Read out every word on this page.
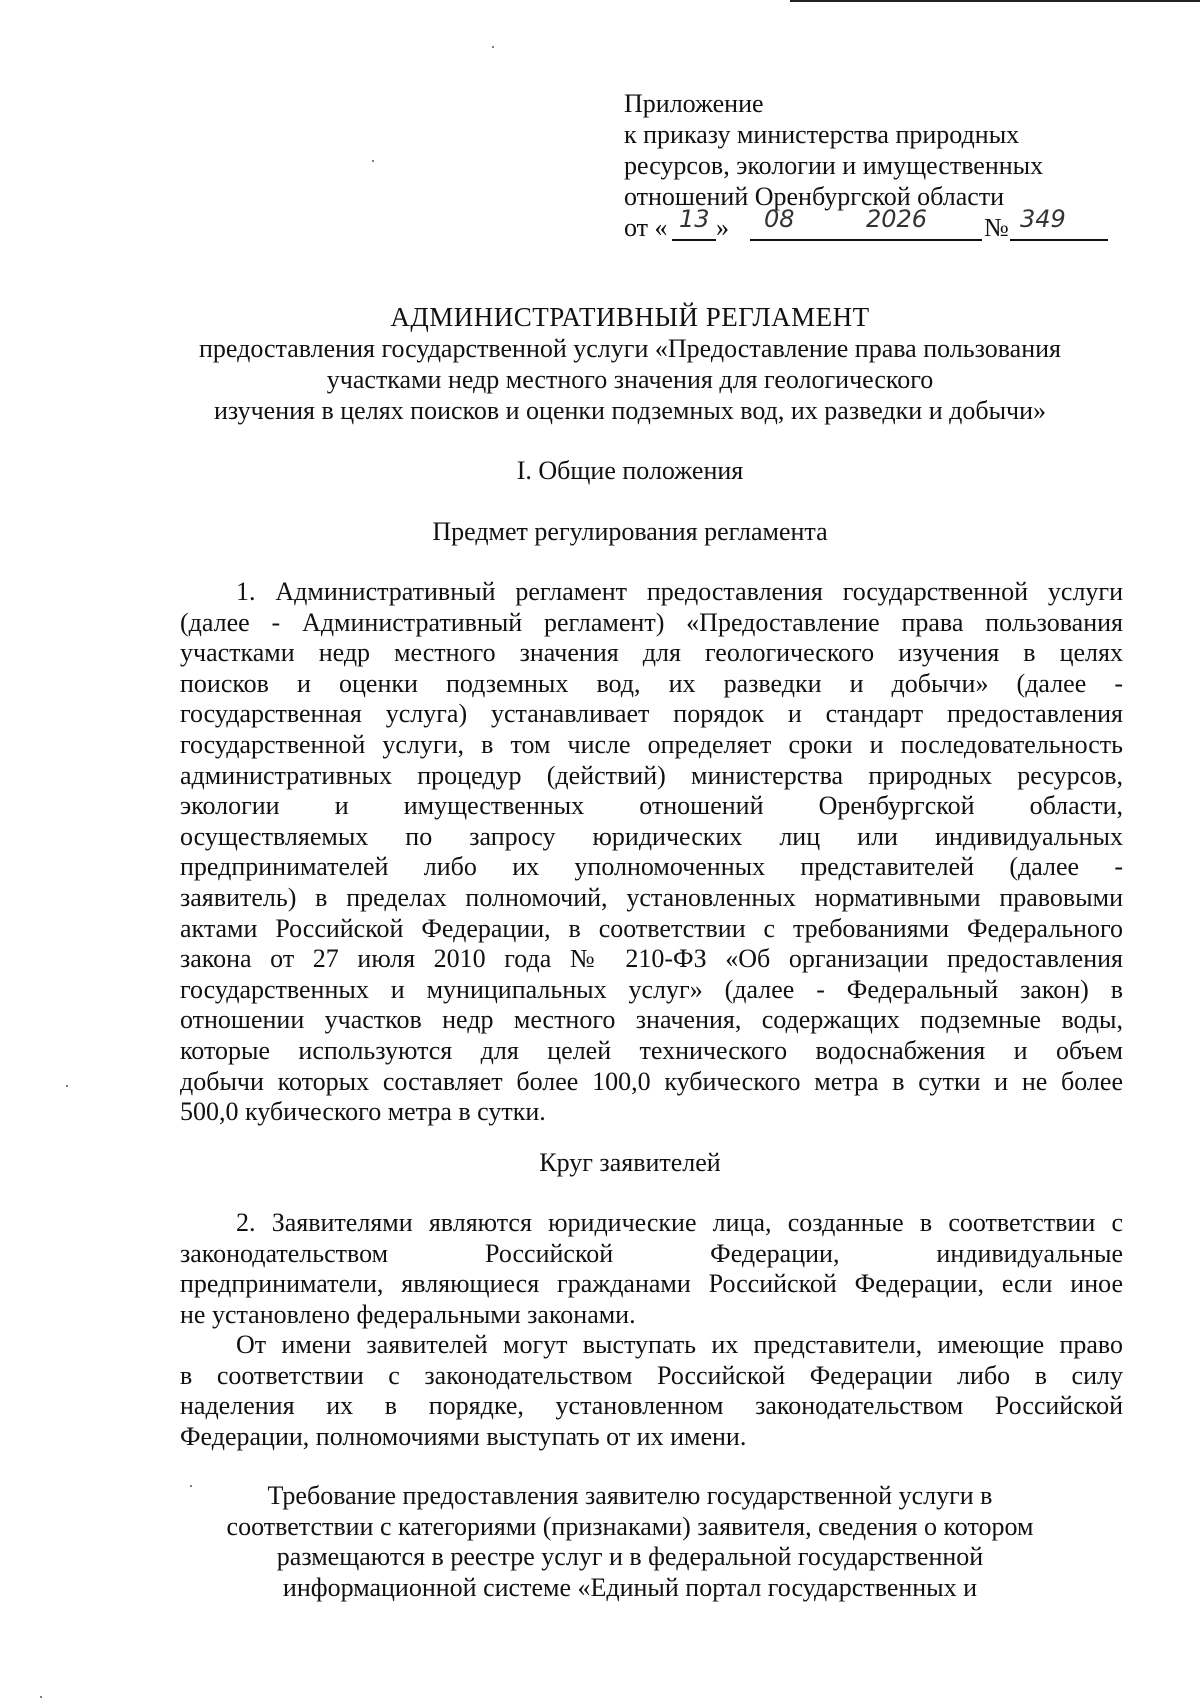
Приложение
к приказу министерства природных
ресурсов, экологии и имущественных
отношений Оренбургской области
от « 13 » 08	2026 № 349
АДМИНИСТРАТИВНЫЙ РЕГЛАМЕНТ
предоставления государственной услуги «Предоставление права пользования
участками недр местного значения для геологического
изучения в целях поисков и оценки подземных вод, их разведки и добычи»
I. Общие положения
Предмет регулирования регламента
1. Административный регламент предоставления государственной услуги
(далее - Административный регламент) «Предоставление права пользования
участками недр местного значения для геологического изучения в целях
поисков и оценки подземных вод, их разведки и добычи» (далее -
государственная услуга) устанавливает порядок и стандарт предоставления
государственной услуги, в том числе определяет сроки и последовательность
административных процедур (действий) министерства природных ресурсов,
экологии и имущественных отношений Оренбургской области,
осуществляемых по запросу юридических лиц или индивидуальных
предпринимателей либо их уполномоченных представителей (далее -
заявитель) в пределах полномочий, установленных нормативными правовыми
актами Российской Федерации, в соответствии с требованиями Федерального
закона от 27 июля 2010 года № 210-ФЗ «Об организации предоставления
государственных и муниципальных услуг» (далее - Федеральный закон) в
отношении участков недр местного значения, содержащих подземные воды,
которые используются для целей технического водоснабжения и объем
добычи которых составляет более 100,0 кубического метра в сутки и не более
500,0 кубического метра в сутки.
Круг заявителей
2. Заявителями являются юридические лица, созданные в соответствии с
законодательством Российской Федерации, индивидуальные
предприниматели, являющиеся гражданами Российской Федерации, если иное
не установлено федеральными законами.
От имени заявителей могут выступать их представители, имеющие право
в соответствии с законодательством Российской Федерации либо в силу
наделения их в порядке, установленном законодательством Российской
Федерации, полномочиями выступать от их имени.
Требование предоставления заявителю государственной услуги в
соответствии с категориями (признаками) заявителя, сведения о котором
размещаются в реестре услуг и в федеральной государственной
информационной системе «Единый портал государственных и
